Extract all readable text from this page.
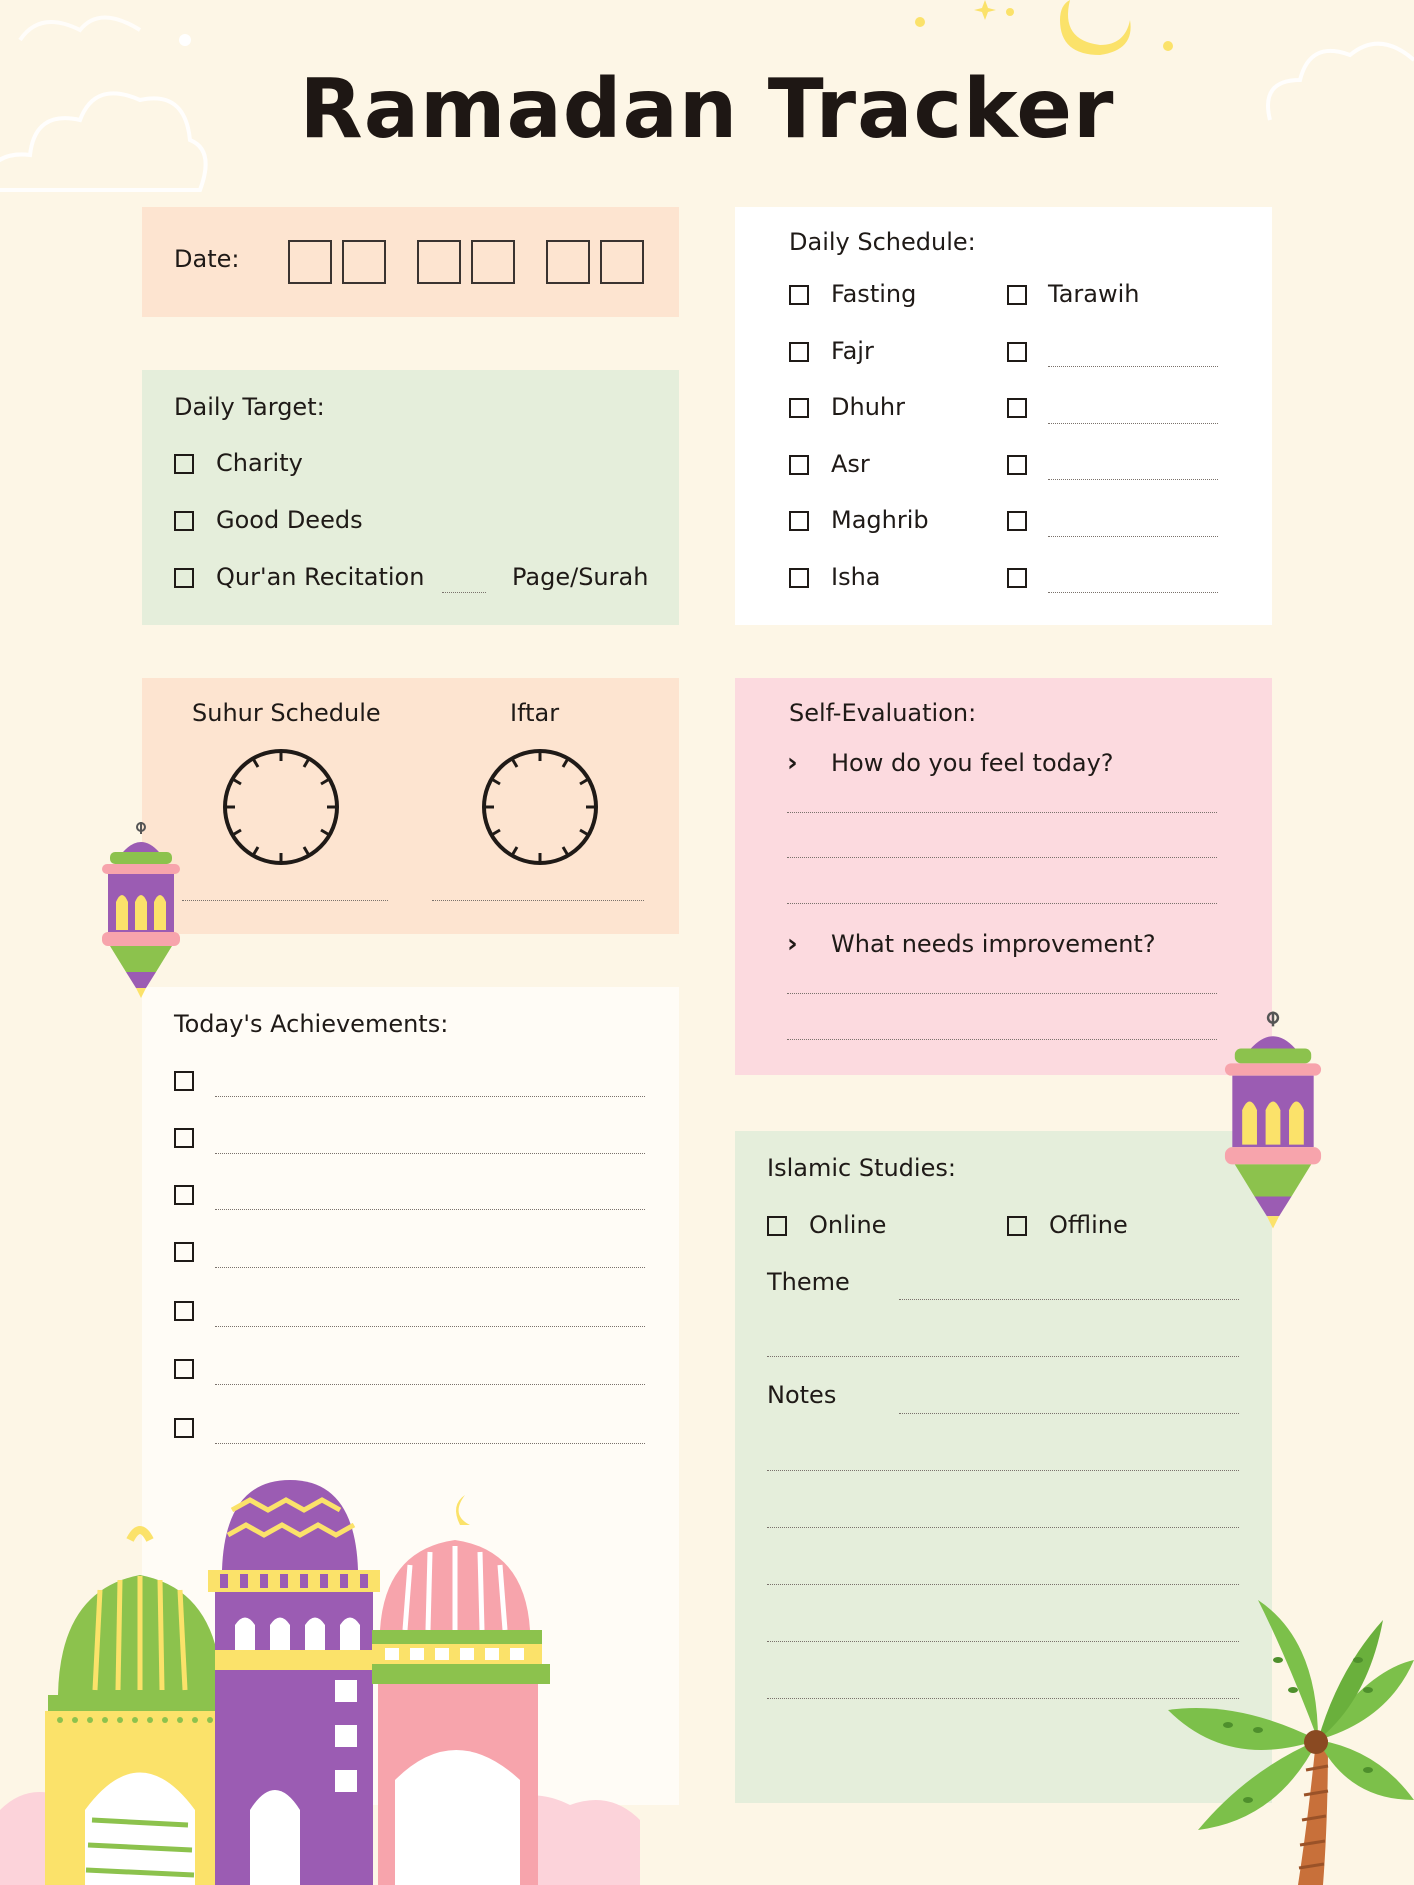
Ramadan Tracker
Date:
Daily Target:
Charity
Good Deeds
Qur'an Recitation	Page/Surah
Daily Schedule:
Fasting
Fajr
Dhuhr
Asr
Maghrib
Isha
Tarawih
Suhur Schedule	Iftar	Self-Evaluation:
› How do you feel today?
› What needs improvement?
Today's Achievements:
Islamic Studies:
Online	Offline
Theme
Notes
